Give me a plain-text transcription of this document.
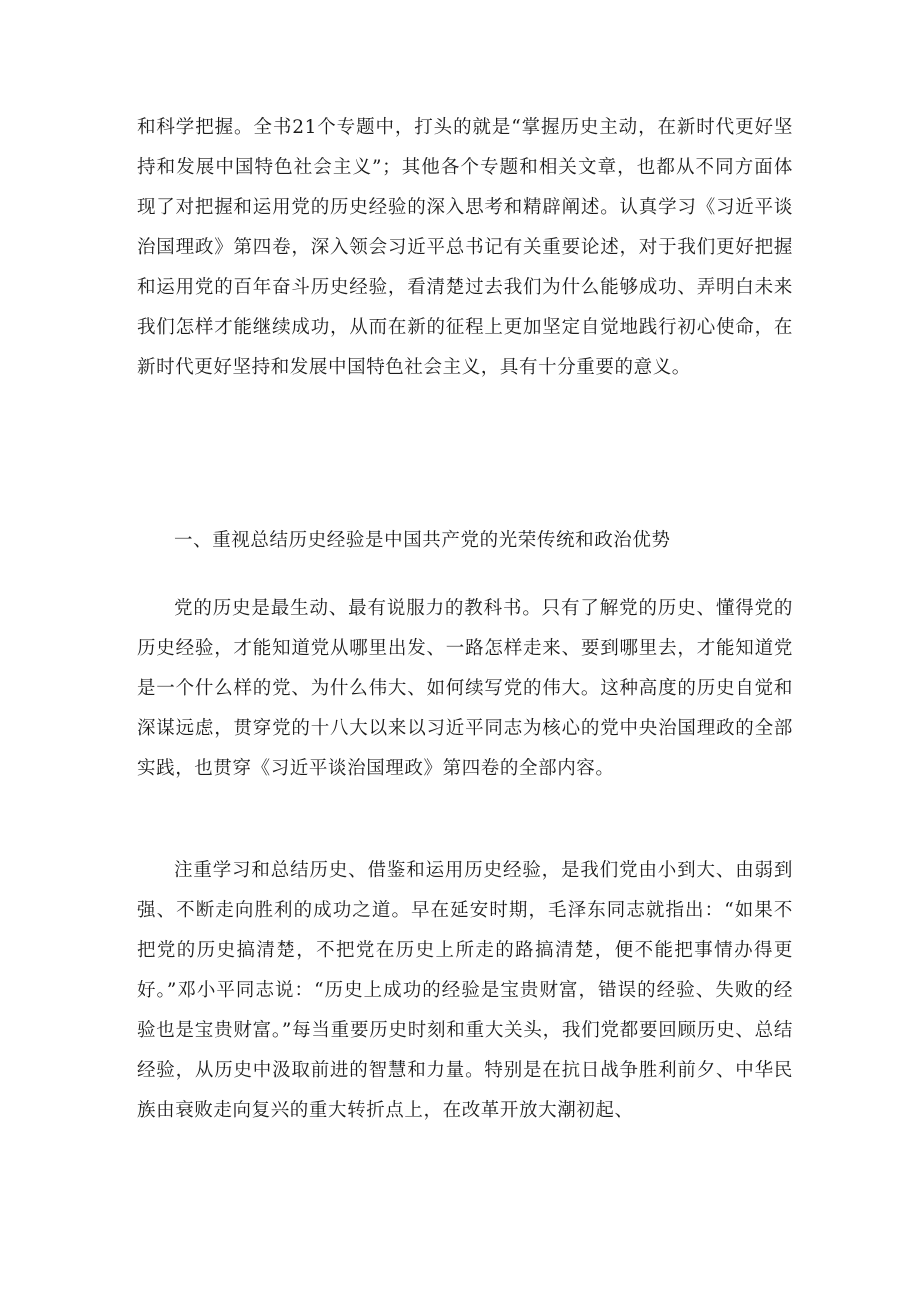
和科学把握。全书21个专题中，打头的就是“掌握历史主动，在新时代更好坚持和发展中国特色社会主义”；其他各个专题和相关文章，也都从不同方面体现了对把握和运用党的历史经验的深入思考和精辟阐述。认真学习《习近平谈治国理政》第四卷，深入领会习近平总书记有关重要论述，对于我们更好把握和运用党的百年奋斗历史经验，看清楚过去我们为什么能够成功、弄明白未来我们怎样才能继续成功，从而在新的征程上更加坚定自觉地践行初心使命，在新时代更好坚持和发展中国特色社会主义，具有十分重要的意义。

一、重视总结历史经验是中国共产党的光荣传统和政治优势

党的历史是最生动、最有说服力的教科书。只有了解党的历史、懂得党的历史经验，才能知道党从哪里出发、一路怎样走来、要到哪里去，才能知道党是一个什么样的党、为什么伟大、如何续写党的伟大。这种高度的历史自觉和深谋远虑，贯穿党的十八大以来以习近平同志为核心的党中央治国理政的全部实践，也贯穿《习近平谈治国理政》第四卷的全部内容。

注重学习和总结历史、借鉴和运用历史经验，是我们党由小到大、由弱到强、不断走向胜利的成功之道。早在延安时期，毛泽东同志就指出：“如果不把党的历史搞清楚，不把党在历史上所走的路搞清楚，便不能把事情办得更好。”邓小平同志说：“历史上成功的经验是宝贵财富，错误的经验、失败的经验也是宝贵财富。”每当重要历史时刻和重大关头，我们党都要回顾历史、总结经验，从历史中汲取前进的智慧和力量。特别是在抗日战争胜利前夕、中华民族由衰败走向复兴的重大转折点上，在改革开放大潮初起、
